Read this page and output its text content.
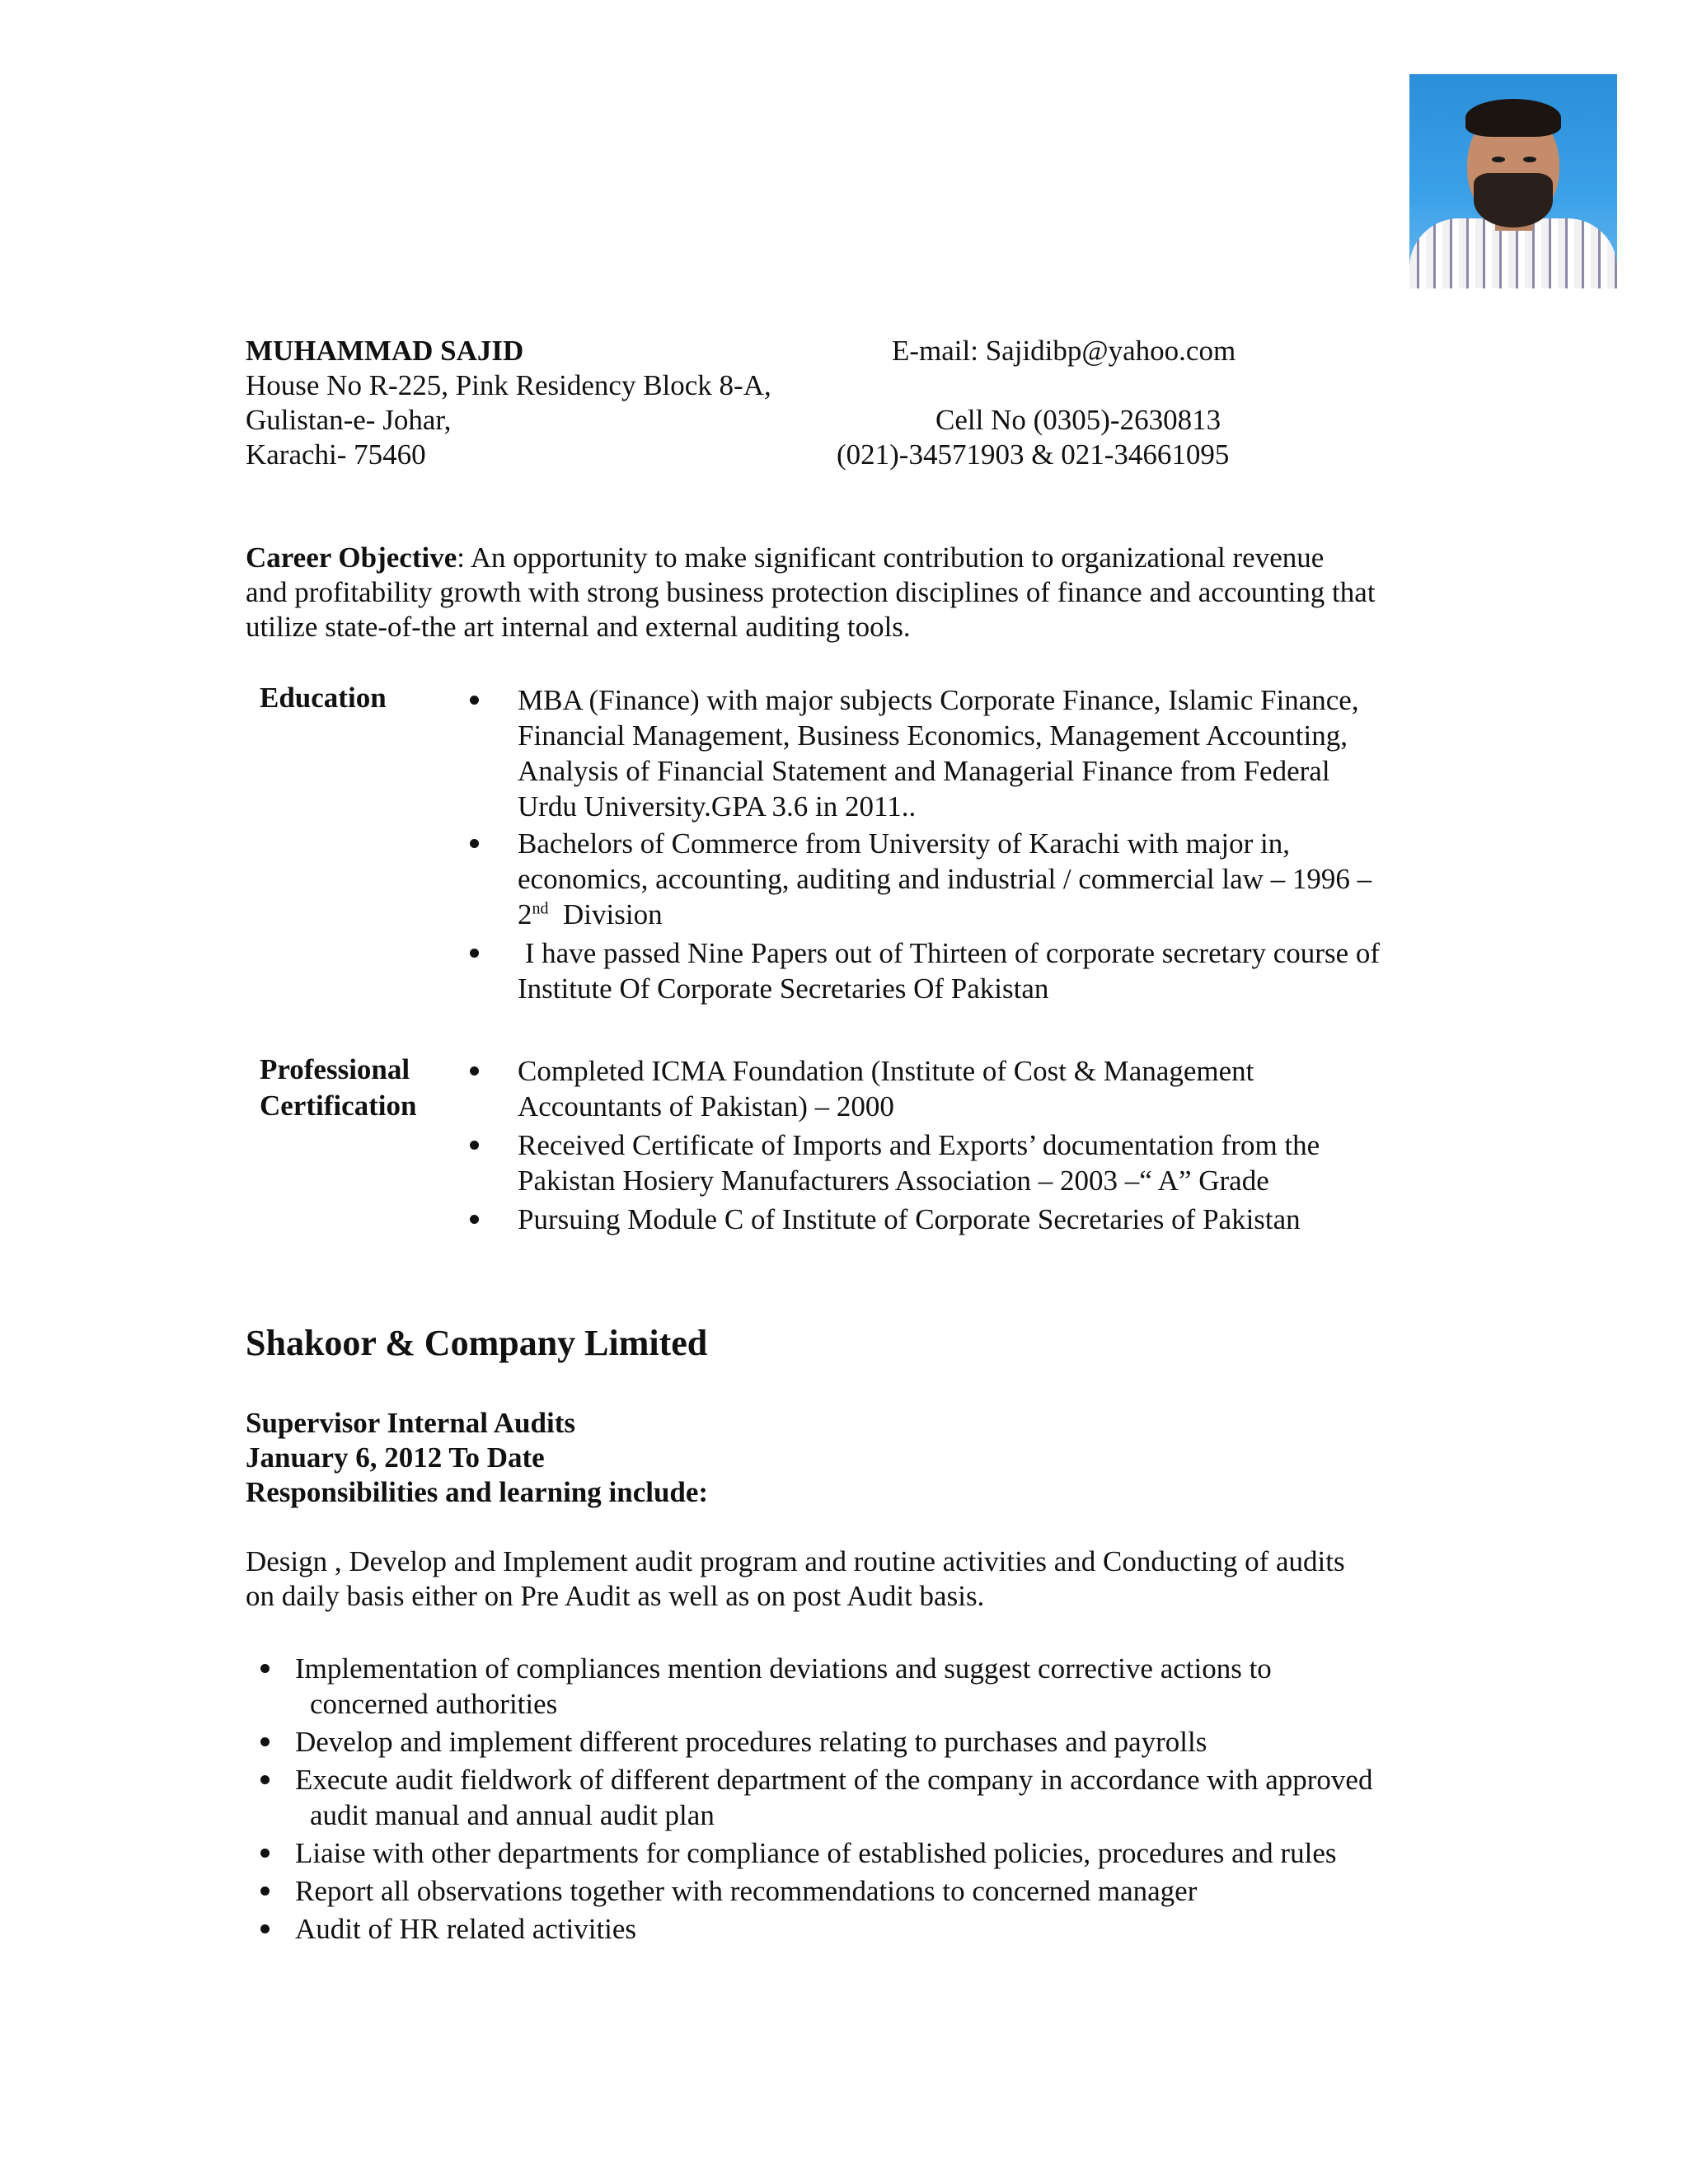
MUHAMMAD SAJID
House No R-225, Pink Residency Block 8-A,
Gulistan-e- Johar,
Karachi- 75460
E-mail: Sajidibp@yahoo.com
Cell No (0305)-2630813
(021)-34571903 & 021-34661095
Career Objective: An opportunity to make significant contribution to organizational revenue
and profitability growth with strong business protection disciplines of finance and accounting that
utilize state-of-the art internal and external auditing tools.
Education	MBA (Finance) with major subjects Corporate Finance, Islamic Finance,
Financial Management, Business Economics, Management Accounting,
Analysis of Financial Statement and Managerial Finance from Federal
Urdu University.GPA 3.6 in 2011..
Bachelors of Commerce from University of Karachi with major in,
economics, accounting, auditing and industrial / commercial law – 1996 –
2nd  Division
I have passed Nine Papers out of Thirteen of corporate secretary course of
Institute Of Corporate Secretaries Of Pakistan
Professional
Certification
Completed ICMA Foundation (Institute of Cost & Management
Accountants of Pakistan) – 2000
Received Certificate of Imports and Exports’ documentation from the
Pakistan Hosiery Manufacturers Association – 2003 –“ A” Grade
Pursuing Module C of Institute of Corporate Secretaries of Pakistan
Shakoor & Company Limited
Supervisor Internal Audits
January 6, 2012 To Date
Responsibilities and learning include:
Design , Develop and Implement audit program and routine activities and Conducting of audits
on daily basis either on Pre Audit as well as on post Audit basis.
Implementation of compliances mention deviations and suggest corrective actions to
concerned authorities
Develop and implement different procedures relating to purchases and payrolls
Execute audit fieldwork of different department of the company in accordance with approved
audit manual and annual audit plan
Liaise with other departments for compliance of established policies, procedures and rules
Report all observations together with recommendations to concerned manager
Audit of HR related activities
